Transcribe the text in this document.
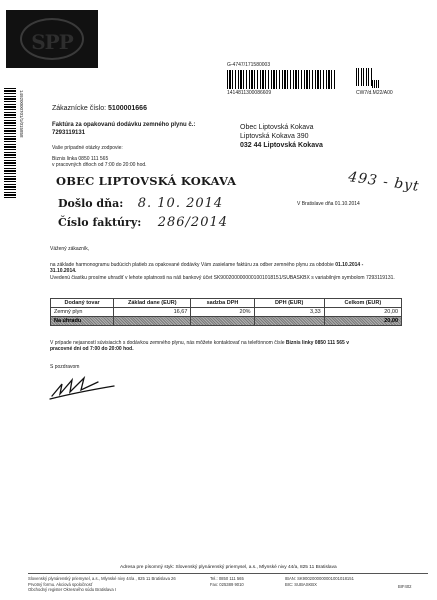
SPP
14920000701/1/015858
G-4747/171580003
1414811300086609	CW7/d.M22/A00
Zákaznícke číslo: 5100001666
Faktúra za opakovanú dodávku zemného plynu č.:
7293119131
Vaše prípadné otázky zodpovie:
Biznis linka 0850 111 565
v pracovných dňoch od 7:00 do 20:00 hod.
Obec Liptovská Kokava
Liptovská Kokava 390
032 44 Liptovská Kokava
OBEC LIPTOVSKÁ KOKAVA
Došlo dňa: 8. 10. 2014
Číslo faktúry: 286/2014
493 - byt
V Bratislave dňa 01.10.2014
Vážený zákazník,
na základe harmonogramu budúcich platieb za opakované dodávky Vám zasielame faktúru za odber zemného plynu za obdobie 01.10.2014 -
31.10.2014.
Uvedenú čiastku prosíme uhradiť v lehote splatnosti na náš bankový účet SK9002000000001001018151/SUBASKBX s variabilným symbolom 7293119131.
Dodaný tovar	Základ dane (EUR)	sadzba DPH	DPH (EUR)	Celkom (EUR)
Zemný plyn	16,67	20%	3,33	20,00
Na úhradu				20,00
V prípade nejasností súvisiacich s dodávkou zemného plynu, nás môžete kontaktovať na telefónnom čísle Biznis linky 0850 111 565 v
pracovné dni od 7:00 do 20:00 hod.
S pozdravom
Adresa pre písomný styk: Slovenský plynárenský priemysel, a.s., Mlynské nivy 44/a, 825 11 Bratislava
Slovenský plynárenský priemysel, a.s., Mlynské nivy 44/a , 825 11 Bratislava 26
Prvotný formu. Akciová spoločnosť
Obchodný register Okresného súdu Bratislava I
Tel.: 0850 111 565
Fax: 025389 9010
IBAN: SK9002000000001001018151
BIC: SUBASKBX	BIF402
